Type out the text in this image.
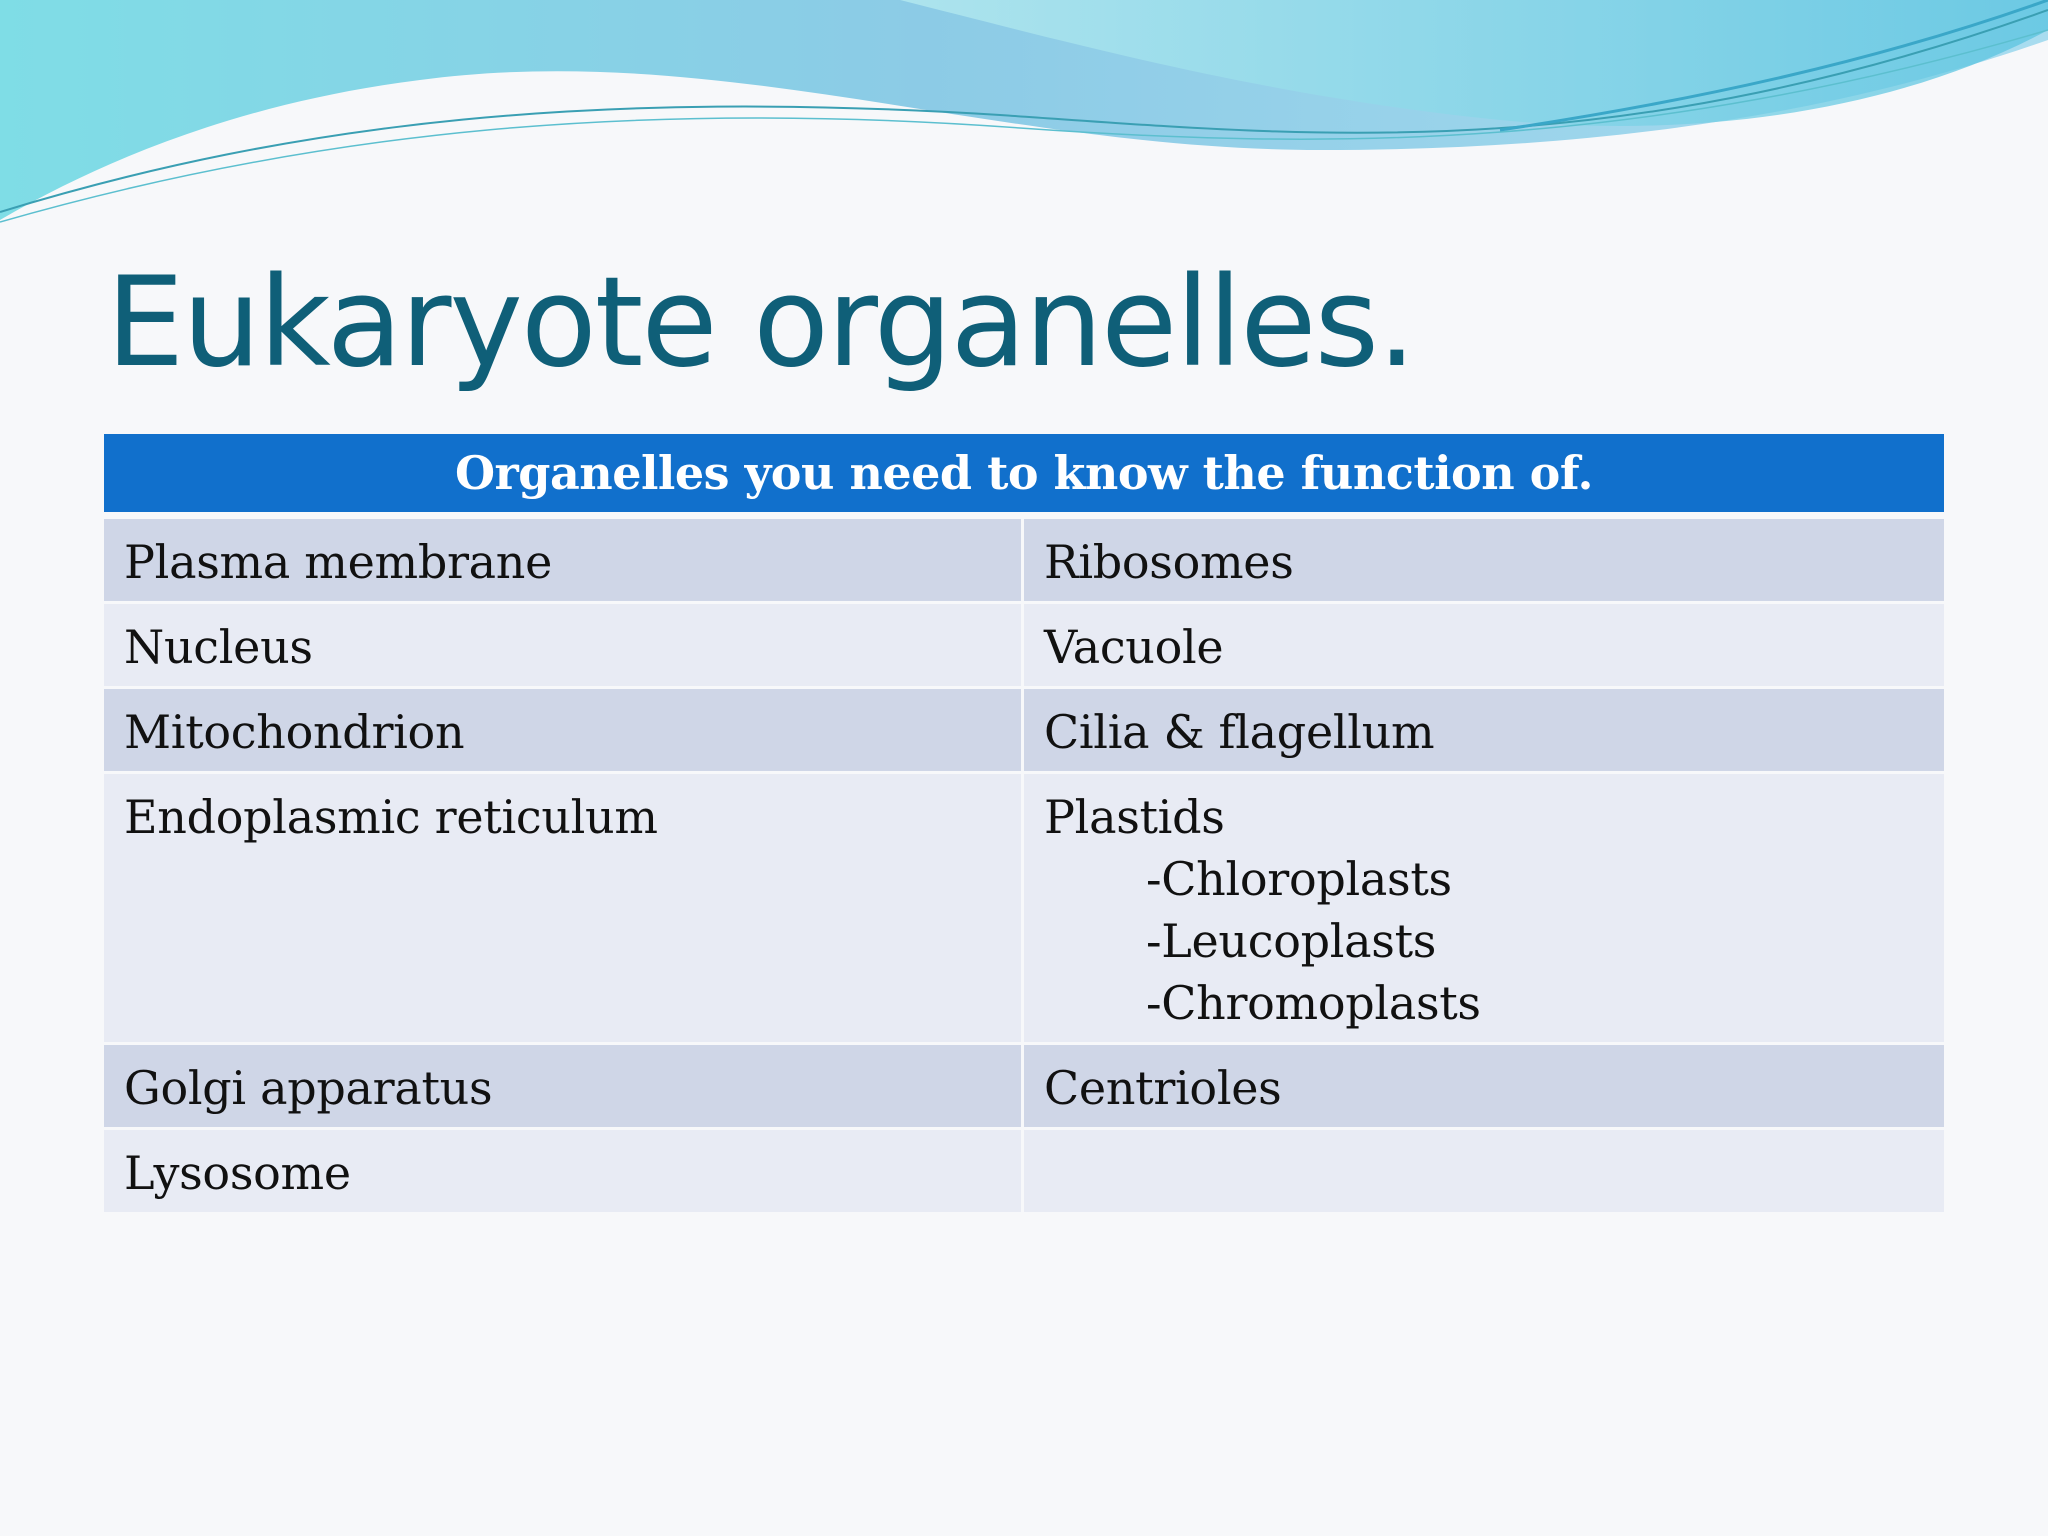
Eukaryote organelles.
Organelles you need to know the function of.	
Plasma membrane	Ribosomes
Nucleus	Vacuole
Mitochondrion	Cilia & flagellum
Endoplasmic reticulum	Plastids
-Chloroplasts
-Leucoplasts
-Chromoplasts

Golgi apparatus	Centrioles
Lysosome	
